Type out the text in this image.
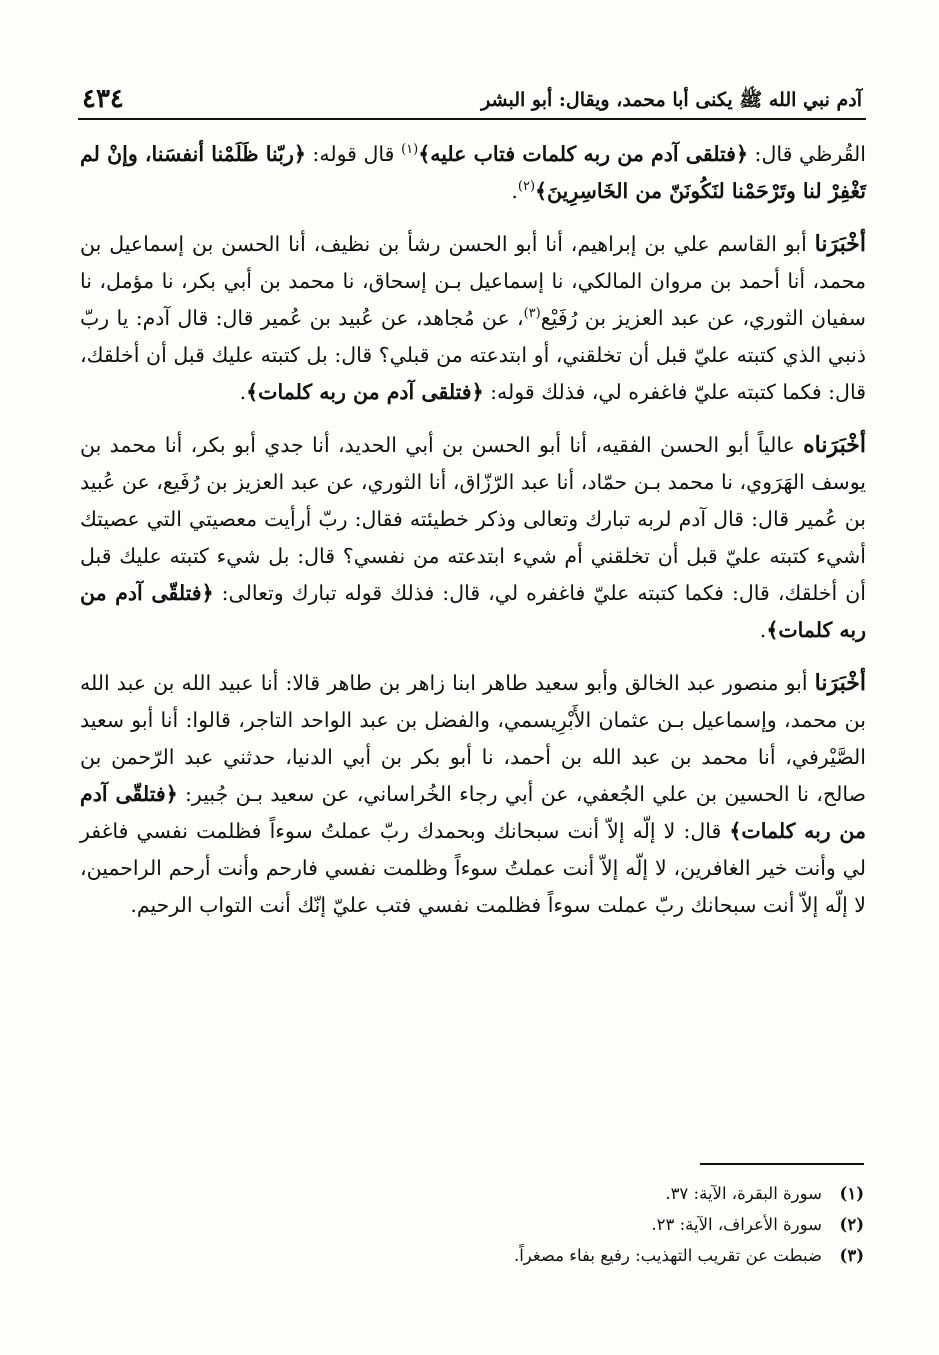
آدم نبي الله ﷺ يكنى أبا محمد، ويقال: أبو البشر
٤٣٤

القُرظي قال: ﴿فتلقى آدم من ربه كلمات فتاب عليه﴾$^{(١)}$ قال قوله: ﴿ربّنا ظَلَمْنا أنفسَنا، وإنْ لم تَغْفِرْ لنا وتَرْحَمْنا لنَكُونَنّ من الخَاسِرِينَ﴾$^{(٢)}$.

أخْبَرَنا أبو القاسم علي بن إبراهيم، أنا أبو الحسن رشأ بن نظيف، أنا الحسن بن إسماعيل بن محمد، أنا أحمد بن مروان المالكي، نا إسماعيل بـن إسحاق، نا محمد بن أبي بكر، نا مؤمل، نا سفيان الثوري، عن عبد العزيز بن رُفَيْع$^{(٣)}$، عن مُجاهد، عن عُبيد بن عُمير قال: قال آدم: يا ربّ ذنبي الذي كتبته عليّ قبل أن تخلقني، أو ابتدعته من قبلي؟ قال: بل كتبته عليك قبل أن أخلقك، قال: فكما كتبته عليّ فاغفره لي، فذلك قوله: ﴿فتلقى آدم من ربه كلمات﴾.

أخْبَرَناه عالياً أبو الحسن الفقيه، أنا أبو الحسن بن أبي الحديد، أنا جدي أبو بكر، أنا محمد بن يوسف الهَرَوي، نا محمد بـن حمّاد، أنا عبد الرّزّاق، أنا الثوري، عن عبد العزيز بن رُفَيع، عن عُبيد بن عُمير قال: قال آدم لربه تبارك وتعالى وذكر خطيئته فقال: ربّ أرأيت معصيتي التي عصيتك أشيء كتبته عليّ قبل أن تخلقني أم شيء ابتدعته من نفسي؟ قال: بل شيء كتبته عليك قبل أن أخلقك، قال: فكما كتبته عليّ فاغفره لي، قال: فذلك قوله تبارك وتعالى: ﴿فتلقّى آدم من ربه كلمات﴾.

أخْبَرَنا أبو منصور عبد الخالق وأبو سعيد طاهر ابنا زاهر بن طاهر قالا: أنا عبيد الله بن عبد الله بن محمد، وإسماعيل بـن عثمان الأَبْرِيسمي، والفضل بن عبد الواحد التاجر، قالوا: أنا أبو سعيد الصَّيْرفي، أنا محمد بن عبد الله بن أحمد، نا أبو بكر بن أبي الدنيا، حدثني عبد الرّحمن بن صالح، نا الحسين بن علي الجُعفي، عن أبي رجاء الخُراساني، عن سعيد بـن جُبير: ﴿فتلقّى آدم من ربه كلمات﴾ قال: لا إلّه إلاّ أنت سبحانك وبحمدك ربّ عملتُ سوءاً فظلمت نفسي فاغفر لي وأنت خير الغافرين، لا إلّه إلاّ أنت عملتُ سوءاً وظلمت نفسي فارحم وأنت أرحم الراحمين، لا إلّه إلاّ أنت سبحانك ربّ عملت سوءاً فظلمت نفسي فتب عليّ إنّك أنت التواب الرحيم.

(١)
سورة البقرة، الآية: ٣٧.
(٢)
سورة الأعراف، الآية: ٢٣.
(٣)
ضبطت عن تقريب التهذيب: رفيع بفاء مصغراً.
